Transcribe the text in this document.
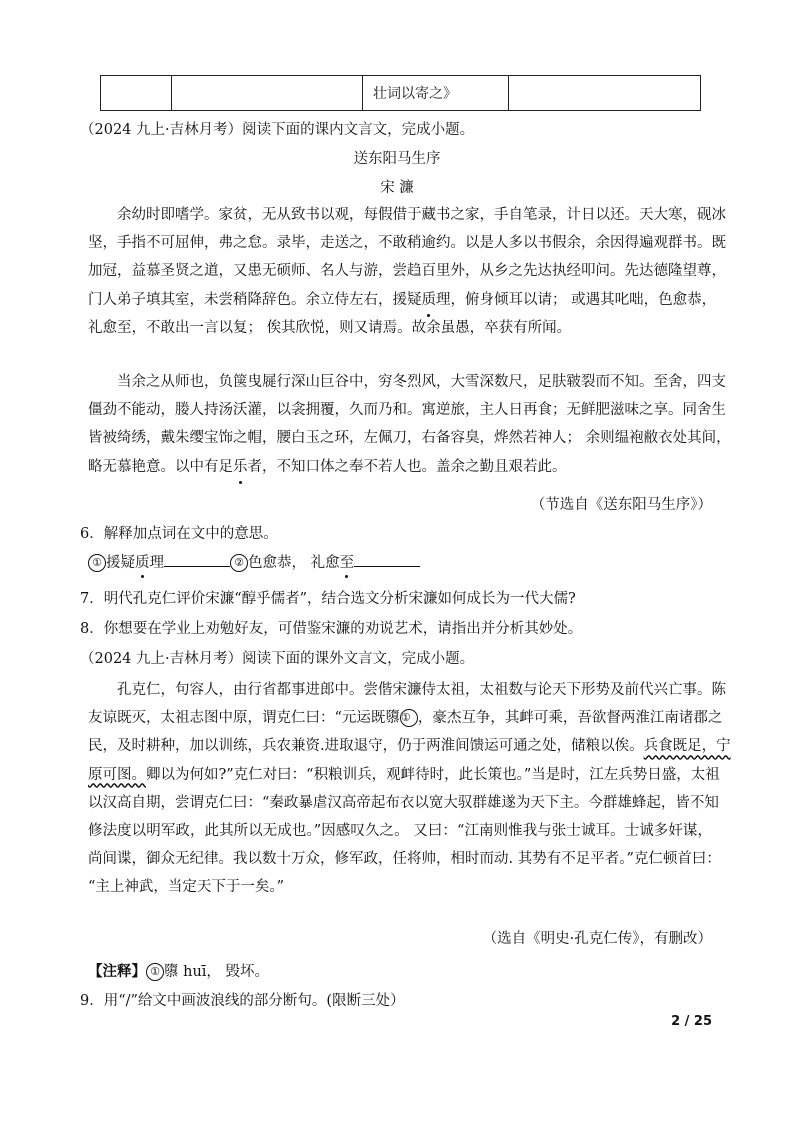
		壮词以寄之》	
（2024 九上·吉林月考）阅读下面的课内文言文，完成小题。
送东阳马生序
宋 濂
余幼时即嗜学。家贫，无从致书以观，每假借于藏书之家，手自笔录，计日以还。天大寒，砚冰
坚，手指不可屈伸，弗之怠。录毕，走送之，不敢稍逾约。以是人多以书假余，余因得遍观群书。既
加冠，益慕圣贤之道，又患无硕师、名人与游，尝趋百里外，从乡之先达执经叩问。先达德隆望尊，
门人弟子填其室，未尝稍降辞色。余立侍左右，援疑质理，俯身倾耳以请； 或遇其叱咄，色愈恭，
礼愈至，不敢出一言以复； 俟其欣悦，则又请焉。故余虽愚，卒获有所闻。
当余之从师也，负箧曳屣行深山巨谷中，穷冬烈风，大雪深数尺，足肤皲裂而不知。至舍，四支
僵劲不能动，媵人持汤沃灌，以衾拥覆，久而乃和。寓逆旅，主人日再食；无鲜肥滋味之享。同舍生
皆被绮绣，戴朱缨宝饰之帽，腰白玉之环，左佩刀，右备容臭，烨然若神人； 余则缊袍敝衣处其间，
略无慕艳意。以中有足乐者，不知口体之奉不若人也。盖余之勤且艰若此。
（节选自《送东阳马生序》）
6．解释加点词在文中的意思。
① 援疑质理	② 色愈恭， 礼愈至
7．明代孔克仁评价宋濂“醇乎儒者”，结合选文分析宋濂如何成长为一代大儒?
8．你想要在学业上劝勉好友，可借鉴宋濂的劝说艺术，请指出并分析其妙处。
（2024 九上·吉林月考）阅读下面的课外文言文，完成小题。
孔克仁，句容人，由行省都事进郎中。尝偕宋濂侍太祖，太祖数与论天下形势及前代兴亡事。陈
友谅既灭，太祖志图中原，谓克仁曰：“元运既隳① ，豪杰互争，其衅可乘，吾欲督两淮江南诸郡之
民，及时耕种，加以训练，兵农兼资.进取退守，仍于两淮间馈运可通之处，储粮以俟。兵食既足，宁
原可图。卿以为何如?”克仁对曰：“积粮训兵，观衅待时，此长策也。”当是时，江左兵势日盛，太祖
以汉高自期，尝谓克仁曰：“秦政暴虐汉高帝起布衣以宽大驭群雄遂为天下主。今群雄蜂起，皆不知
修法度以明军政，此其所以无成也。”因感叹久之。 又曰：“江南则惟我与张士诚耳。士诚多奸谋，
尚间谍，御众无纪律。我以数十万众，修军政，任将帅，相时而动. 其势有不足平者。”克仁顿首曰：
“主上神武，当定天下于一矣。”
（选自《明史·孔克仁传》，有删改）
【注释】 ① 隳 huī， 毁坏。
9．用“/”给文中画波浪线的部分断句。(限断三处）
2 / 25
